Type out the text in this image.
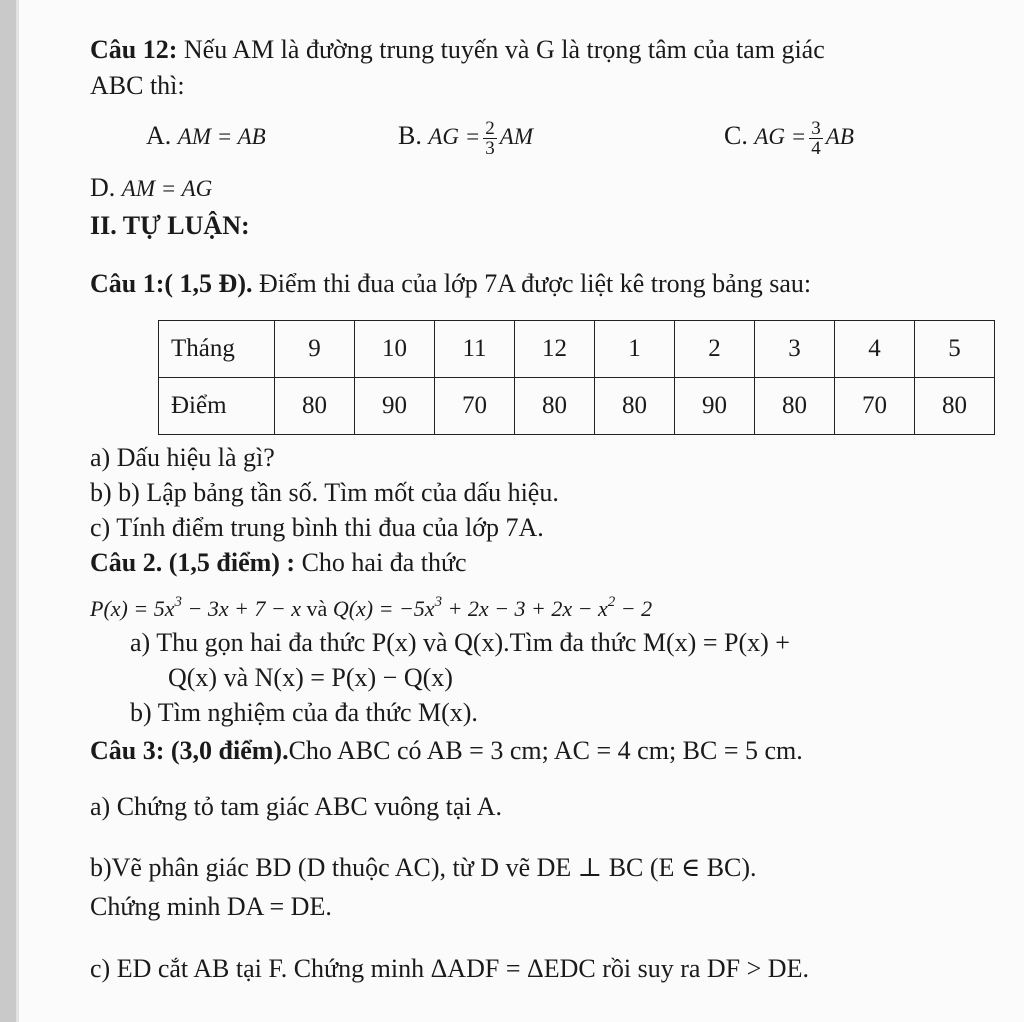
Câu 12: Nếu AM là đường trung tuyến và G là trọng tâm của tam giác
ABC thì:
A. AM = AB	B. AG = $\frac{2}{3}$ AM	C. AG = $\frac{3}{4}$ AB
D. AM = AG
II. TỰ LUẬN:
Câu 1:( 1,5 Đ). Điểm thi đua của lớp 7A được liệt kê trong bảng sau:
Tháng	9	10	11	12	1	2	3	4	5
Điểm	80	90	70	80	80	90	80	70	80
a) Dấu hiệu là gì?
b) b) Lập bảng tần số. Tìm mốt của dấu hiệu.
c) Tính điểm trung bình thi đua của lớp 7A.
Câu 2. (1,5 điểm) : Cho hai đa thức
$P(x) = 5x^3 - 3x + 7 - x$ và $Q(x) = -5x^3 + 2x - 3 + 2x - x^2 - 2$
a) Thu gọn hai đa thức P(x) và Q(x).Tìm đa thức M(x) = P(x) +
Q(x) và N(x) = P(x) − Q(x)
b) Tìm nghiệm của đa thức M(x).
Câu 3: (3,0 điểm).Cho ABC có AB = 3 cm; AC = 4 cm; BC = 5 cm.
a) Chứng tỏ tam giác ABC vuông tại A.
b)Vẽ phân giác BD (D thuộc AC), từ D vẽ DE ⊥ BC (E ∈ BC).
Chứng minh DA = DE.
c) ED cắt AB tại F. Chứng minh ΔADF = ΔEDC rồi suy ra DF > DE.
